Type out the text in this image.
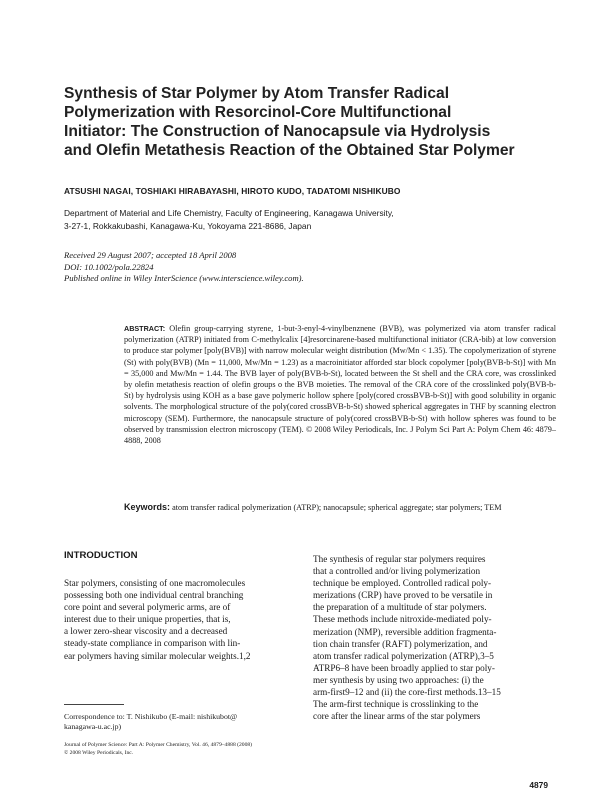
Synthesis of Star Polymer by Atom Transfer Radical
Polymerization with Resorcinol-Core Multifunctional
Initiator: The Construction of Nanocapsule via Hydrolysis
and Olefin Metathesis Reaction of the Obtained Star Polymer
ATSUSHI NAGAI, TOSHIAKI HIRABAYASHI, HIROTO KUDO, TADATOMI NISHIKUBO
Department of Material and Life Chemistry, Faculty of Engineering, Kanagawa University,
3-27-1, Rokkakubashi, Kanagawa-Ku, Yokoyama 221-8686, Japan
Received 29 August 2007; accepted 18 April 2008
DOI: 10.1002/pola.22824
Published online in Wiley InterScience (www.interscience.wiley.com).
ABSTRACT: Olefin group-carrying styrene, 1-but-3-enyl-4-vinylbenznene (BVB), was polymerized via atom transfer radical polymerization (ATRP) initiated from C-methylcalix [4]resorcinarene-based multifunctional initiator (CRA-bib) at low conversion to produce star polymer [poly(BVB)] with narrow molecular weight distribution (Mw/Mn < 1.35). The copolymerization of styrene (St) with poly(BVB) (Mn = 11,000, Mw/Mn = 1.23) as a macroinitiator afforded star block copolymer [poly(BVB-b-St)] with Mn = 35,000 and Mw/Mn = 1.44. The BVB layer of poly(BVB-b-St), located between the St shell and the CRA core, was crosslinked by olefin metathesis reaction of olefin groups o the BVB moieties. The removal of the CRA core of the crosslinked poly(BVB-b-St) by hydrolysis using KOH as a base gave polymeric hollow sphere [poly(cored crossBVB-b-St)] with good solubility in organic solvents. The morphological structure of the poly(cored crossBVB-b-St) showed spherical aggregates in THF by scanning electron microscopy (SEM). Furthermore, the nanocapsule structure of poly(cored crossBVB-b-St) with hollow spheres was found to be observed by transmission electron microscopy (TEM). © 2008 Wiley Periodicals, Inc. J Polym Sci Part A: Polym Chem 46: 4879–4888, 2008
Keywords: atom transfer radical polymerization (ATRP); nanocapsule; spherical aggregate; star polymers; TEM
INTRODUCTION
Star polymers, consisting of one macromolecules
possessing both one individual central branching
core point and several polymeric arms, are of
interest due to their unique properties, that is,
a lower zero-shear viscosity and a decreased
steady-state compliance in comparison with lin-
ear polymers having similar molecular weights.1,2
The synthesis of regular star polymers requires
that a controlled and/or living polymerization
technique be employed. Controlled radical poly-
merizations (CRP) have proved to be versatile in
the preparation of a multitude of star polymers.
These methods include nitroxide-mediated poly-
merization (NMP), reversible addition fragmenta-
tion chain transfer (RAFT) polymerization, and
atom transfer radical polymerization (ATRP),3–5
ATRP6–8 have been broadly applied to star poly-
mer synthesis by using two approaches: (i) the
arm-first9–12 and (ii) the core-first methods.13–15
The arm-first technique is crosslinking to the
core after the linear arms of the star polymers
Correspondence to: T. Nishikubo (E-mail: nishikubot@
kanagawa-u.ac.jp)
Journal of Polymer Science: Part A: Polymer Chemistry, Vol. 46, 4879–4888 (2008)
© 2008 Wiley Periodicals, Inc.
4879
